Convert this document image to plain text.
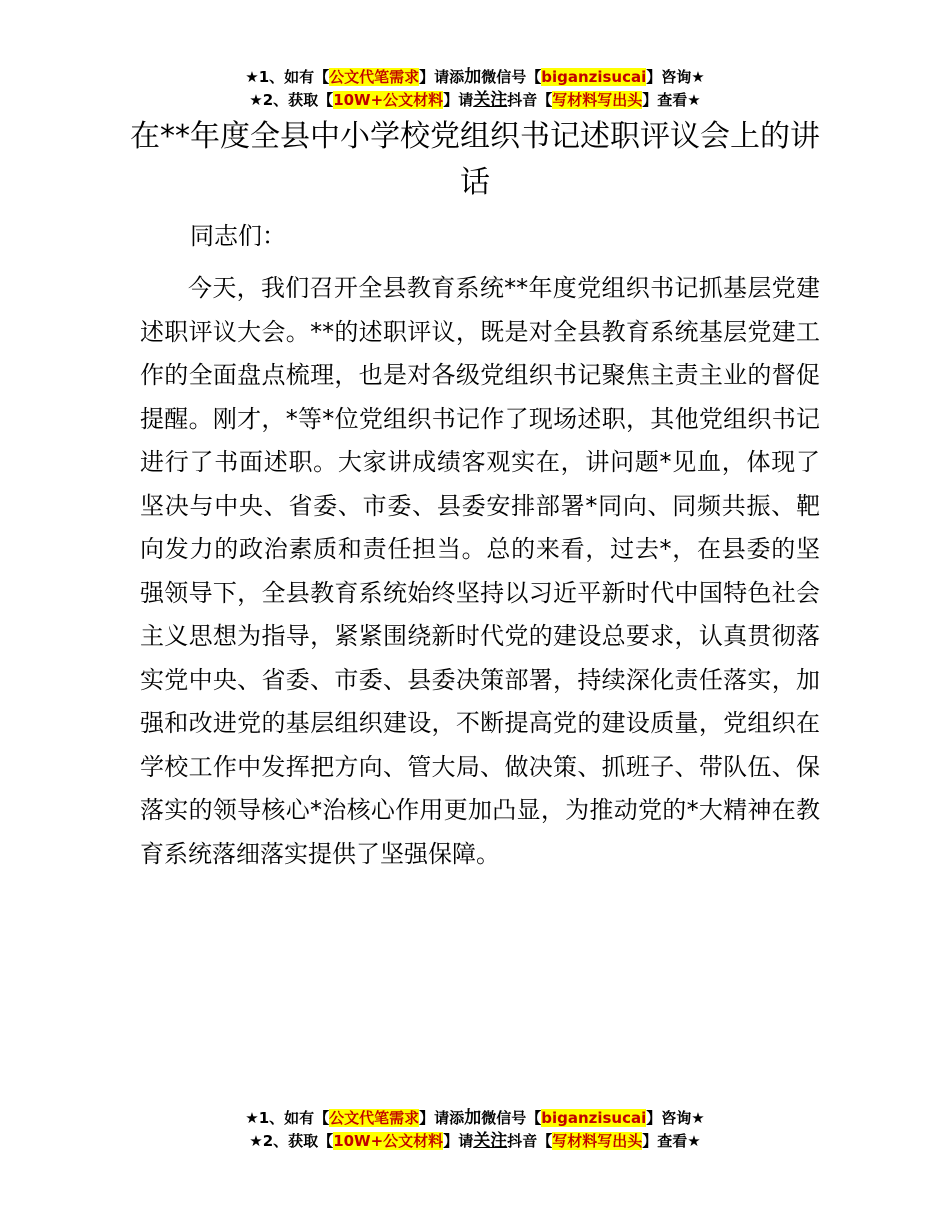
★1、如有【公文代笔需求】请添加微信号【biganzisucai】咨询★
★2、获取【10W+公文材料】请关注抖音【写材料写出头】查看★
在**年度全县中小学校党组织书记述职评议会上的讲话
同志们：

今天，我们召开全县教育系统**年度党组织书记抓基层党建述职评议大会。**的述职评议，既是对全县教育系统基层党建工作的全面盘点梳理，也是对各级党组织书记聚焦主责主业的督促提醒。刚才，*等*位党组织书记作了现场述职，其他党组织书记进行了书面述职。大家讲成绩客观实在，讲问题*见血，体现了坚决与中央、省委、市委、县委安排部署*同向、同频共振、靶向发力的政治素质和责任担当。总的来看，过去*，在县委的坚强领导下，全县教育系统始终坚持以习近平新时代中国特色社会主义思想为指导，紧紧围绕新时代党的建设总要求，认真贯彻落实党中央、省委、市委、县委决策部署，持续深化责任落实，加强和改进党的基层组织建设，不断提高党的建设质量，党组织在学校工作中发挥把方向、管大局、做决策、抓班子、带队伍、保落实的领导核心*治核心作用更加凸显，为推动党的*大精神在教育系统落细落实提供了坚强保障。

★1、如有【公文代笔需求】请添加微信号【biganzisucai】咨询★
★2、获取【10W+公文材料】请关注抖音【写材料写出头】查看★
